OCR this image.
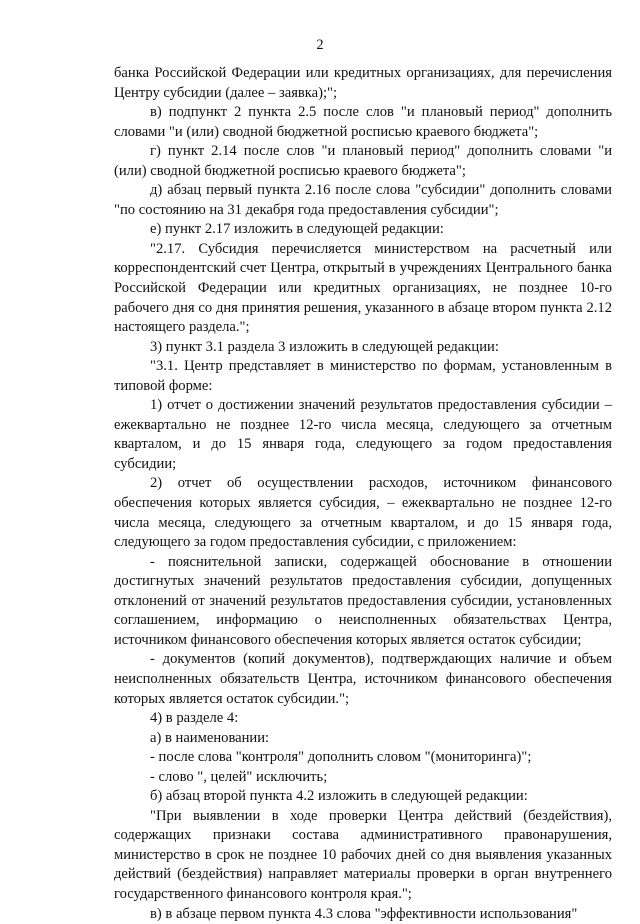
2

банка Российской Федерации или кредитных организациях, для перечисления Центру субсидии (далее – заявка);";

в) подпункт 2 пункта 2.5 после слов "и плановый период" дополнить словами "и (или) сводной бюджетной росписью краевого бюджета";

г) пункт 2.14 после слов "и плановый период" дополнить словами "и (или) сводной бюджетной росписью краевого бюджета";

д) абзац первый пункта 2.16 после слова "субсидии" дополнить словами "по состоянию на 31 декабря года предоставления субсидии";

е) пункт 2.17 изложить в следующей редакции:

"2.17. Субсидия перечисляется министерством на расчетный или корреспондентский счет Центра, открытый в учреждениях Центрального банка Российской Федерации или кредитных организациях, не позднее 10-го рабочего дня со дня принятия решения, указанного в абзаце втором пункта 2.12 настоящего раздела.";

3) пункт 3.1 раздела 3 изложить в следующей редакции:

"3.1. Центр представляет в министерство по формам, установленным в типовой форме:

1) отчет о достижении значений результатов предоставления субсидии – ежеквартально не позднее 12-го числа месяца, следующего за отчетным кварталом, и до 15 января года, следующего за годом предоставления субсидии;

2) отчет об осуществлении расходов, источником финансового обеспечения которых является субсидия, – ежеквартально не позднее 12-го числа месяца, следующего за отчетным кварталом, и до 15 января года, следующего за годом предоставления субсидии, с приложением:

- пояснительной записки, содержащей обоснование в отношении достигнутых значений результатов предоставления субсидии, допущенных отклонений от значений результатов предоставления субсидии, установленных соглашением, информацию о неисполненных обязательствах Центра, источником финансового обеспечения которых является остаток субсидии;

- документов (копий документов), подтверждающих наличие и объем неисполненных обязательств Центра, источником финансового обеспечения которых является остаток субсидии.";

4) в разделе 4:

а) в наименовании:

- после слова "контроля" дополнить словом "(мониторинга)";

- слово ", целей" исключить;

б) абзац второй пункта 4.2 изложить в следующей редакции:

"При выявлении в ходе проверки Центра действий (бездействия), содержащих признаки состава административного правонарушения, министерство в срок не позднее 10 рабочих дней со дня выявления указанных действий (бездействия) направляет материалы проверки в орган внутреннего государственного финансового контроля края.";

в) в абзаце первом пункта 4.3 слова "эффективности использования"
